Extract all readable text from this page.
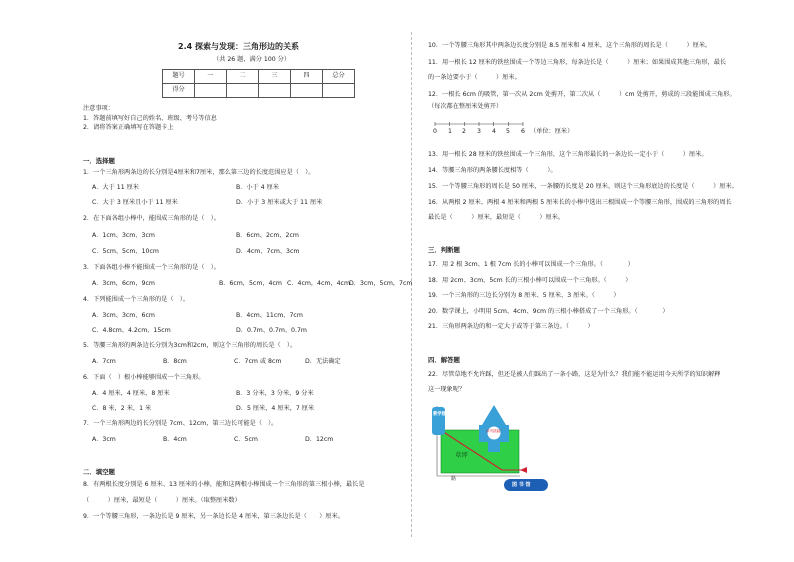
2.4 探索与发现：三角形边的关系
（共 26 题，满分 100 分）
题号	一	二	三	四	总分
得分					
注意事项：
1．答题前填写好自己的姓名、班级、考号等信息
2．请将答案正确填写在答题卡上
一．选择题
1．一个三角形两条边的长分别是4厘米和7厘米，那么第三边的长度范围应是（　）。
A．大于 11 厘米	B．小于 4 厘米
C．大于 3 厘米且小于 11 厘米	D．小于 3 厘米或大于 11 厘米
2．在下面各组小棒中，能围成三角形的是（　）。
A．1cm、3cm、3cm	B．6cm、2cm、2cm
C．5cm、5cm、10cm	D．4cm、7cm、3cm
3．下面各组小棒不能围成一个三角形的是（　）。
A．3cm，6cm，9cm	B．6cm，5cm，4cm C．4cm，4cm，4cm D．3cm，5cm，7cm
4．下列能围成一个三角形的是（　）。
A．3cm、3cm、6cm	B．4cm、11cm、7cm
C．4.8cm、4.2cm、15cm	D．0.7m、0.7m、0.7m
5．等腰三角形的两条边长分别为3cm和2cm，则这个三角形的周长是（　）。
A．7cm	B．8cm	C．7cm 或 8cm	D．无法确定
6．下面（　）根小棒能够围成一个三角形。
A．4 厘米，4 厘米，8 厘米	B．3 分米，3 分米，9 分米
C．8 米，2 米，1 米	D．5 厘米，4 厘米，7 厘米
7．一个三角形两边的长分别是 7cm、12cm，第三边长可能是（　）。
A．3cm	B．4cm	C．5cm	D．12cm
二．填空题
8．有两根长度分别是 6 厘米、13 厘米的小棒，能和这两根小棒围成一个三角形的第三根小棒，最长是
（　　　）厘米，最短是（　　　）厘米。（取整厘米数）
9．一个等腰三角形，一条边长是 9 厘米，另一条边长是 4 厘米，第三条边长是（　　）厘米。
10．一个等腰三角形其中两条边长度分别是 8.5 厘米和 4 厘米，这个三角形的周长是（　　　）厘米。
11．用一根长 12 厘米的铁丝围成一个等边三角形，每条边长是（　　　）厘米；如果围成其他三角形，最长
的一条边要小于（　　　）厘米。
12．一根长 6cm 的吸管，第一次从 2cm 处剪开，第二次从（　　　）cm 处剪开，剪成的三段能围成三角形。
（每次都在整厘米处剪开）
0 1 2 3 4 5 6 （单位：厘米）
13．用一根长 28 厘米的铁丝围成一个三角形，这个三角形最长的一条边长一定小于（　　　）厘米。
14．等腰三角形的两条腰长度相等（　　　）。
15．一个等腰三角形的周长是 50 厘米，一条腰的长度是 20 厘米，则这个三角形底边的长度是（　　　）厘米。
16．从两根 2 厘米、两根 4 厘米和两根 5 厘米长的小棒中选出三根围成一个等腰三角形，围成的三角形的周长
最长是（　　　）厘米，最短是（　　　）厘米。
三．判断题
17．用 2 根 3cm、1 根 7cm 长的小棒可以围成一个三角形。（　　　　）
18．用 2cm、3cm、5cm 长的三根小棒可以围成一个三角形。（　　　）
19．一个三角形的三边长分别为 8 厘米、5 厘米、3 厘米。（　　　）
20．数学课上，小明用 5cm、4cm、9cm 的三根小棒搭成了一个三角形。（　　　　）
21．三角形两条边的和一定大于或等于第三条边。（　　　）
四．解答题
22．尽管草地不允许踩，但还是被人们踩出了一条小路，这是为什么？我们能不能运用今天所学的知识解释
这一现象呢？
教学楼
请勿践踏！
草坪
路
图 书 馆
